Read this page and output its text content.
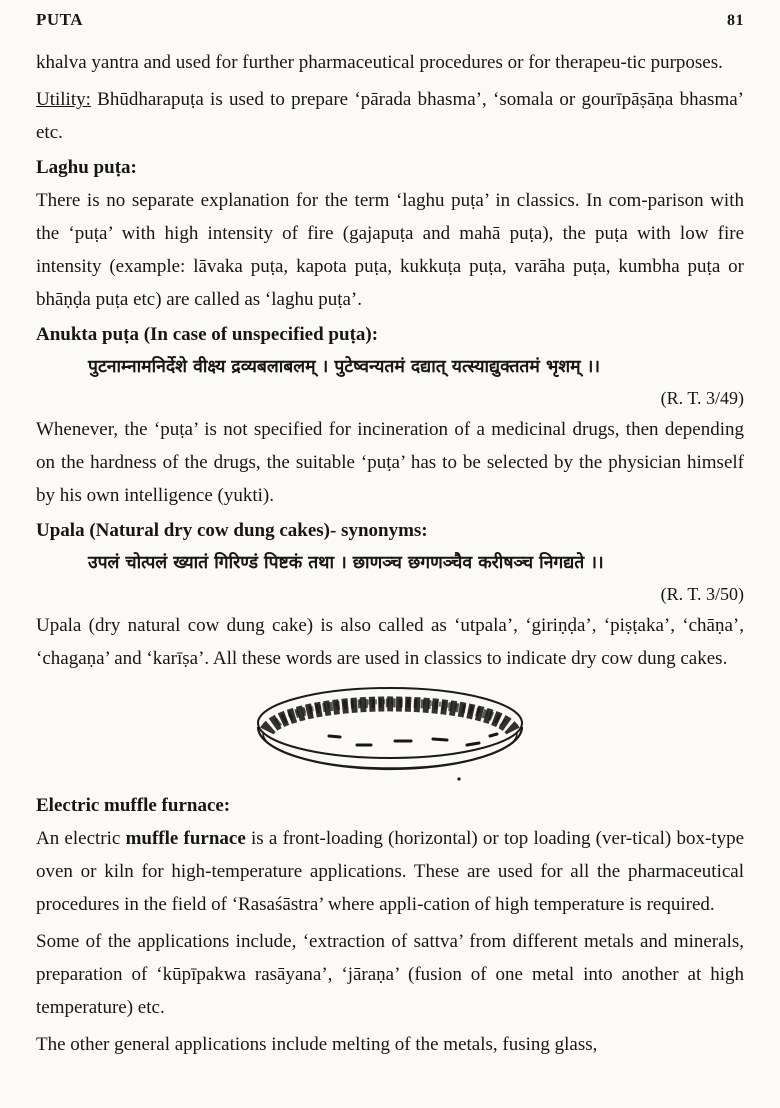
PUTA	81

khalva yantra and used for further pharmaceutical procedures or for therapeu-tic purposes.

Utility: Bhūdharapuṭa is used to prepare ‘pārada bhasma’, ‘somala or gourīpāṣāṇa bhasma’ etc.

Laghu puṭa:

There is no separate explanation for the term ‘laghu puṭa’ in classics. In com-parison with the ‘puṭa’ with high intensity of fire (gajapuṭa and mahā puṭa), the puṭa with low fire intensity (example: lāvaka puṭa, kapota puṭa, kukkuṭa puṭa, varāha puṭa, kumbha puṭa or bhāṇḍa puṭa etc) are called as ‘laghu puṭa’.

Anukta puṭa (In case of unspecified puṭa):
पुटनाम्नामनिर्देशे वीक्ष्य द्रव्यबलाबलम् । पुटेष्वन्यतमं दद्यात् यत्स्याद्युक्ततमं भृशम् ।।
(R. T. 3/49)

Whenever, the ‘puṭa’ is not specified for incineration of a medicinal drugs, then depending on the hardness of the drugs, the suitable ‘puṭa’ has to be selected by the physician himself by his own intelligence (yukti).

Upala (Natural dry cow dung cakes)- synonyms:
उपलं चोत्पलं ख्यातं गिरिण्डं पिष्टकं तथा । छाणञ्च छगणञ्चैव करीषञ्च निगद्यते ।।
(R. T. 3/50)

Upala (dry natural cow dung cake) is also called as ‘utpala’, ‘giriṇḍa’, ‘piṣṭaka’, ‘chāṇa’, ‘chagaṇa’ and ‘karīṣa’. All these words are used in classics to indicate dry cow dung cakes.

Electric muffle furnace:

An electric muffle furnace is a front-loading (horizontal) or top loading (ver-tical) box-type oven or kiln for high-temperature applications. These are used for all the pharmaceutical procedures in the field of ‘Rasaśāstra’ where appli-cation of high temperature is required.

Some of the applications include, ‘extraction of sattva’ from different metals and minerals, preparation of ‘kūpīpakwa rasāyana’, ‘jāraṇa’ (fusion of one metal into another at high temperature) etc.

The other general applications include melting of the metals, fusing glass,
